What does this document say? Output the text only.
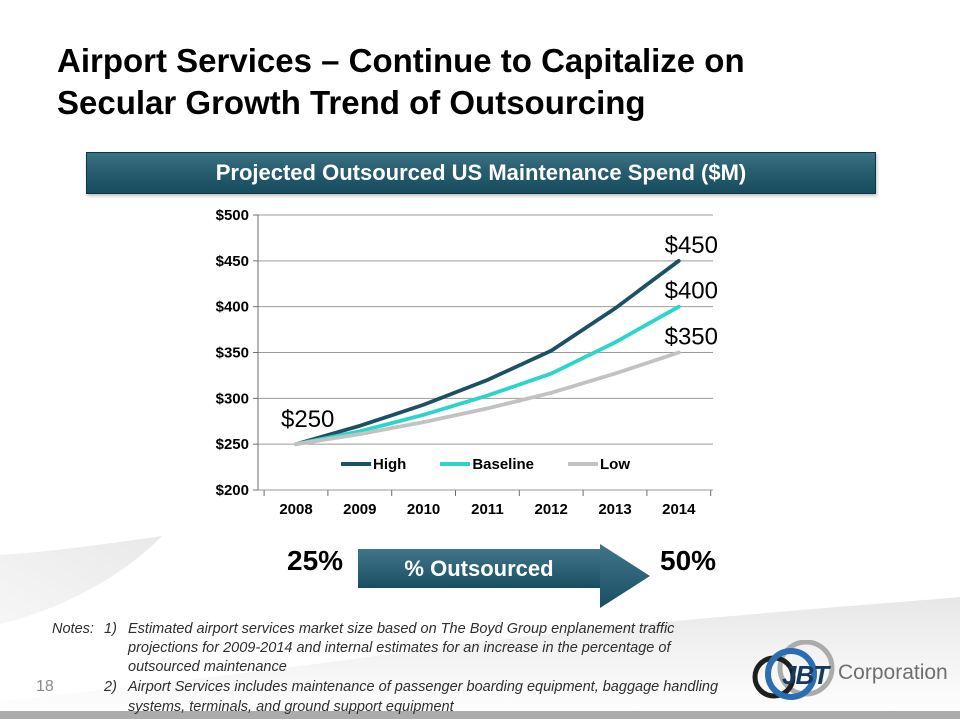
Airport Services – Continue to Capitalize on
Secular Growth Trend of Outsourcing
Projected Outsourced US Maintenance Spend ($M)
$500
$450
$400
$350
$300
$250
$200
2008 2009 2010 2011 2012 2013 2014
$250
$450
$400
$350
High	Baseline	Low
25%	% Outsourced	50%
Notes: 1) Estimated airport services market size based on The Boyd Group enplanement traffic projections for 2009-2014 and internal estimates for an increase in the percentage of outsourced maintenance
2) Airport Services includes maintenance of passenger boarding equipment, baggage handling systems, terminals, and ground support equipment
18	JBT Corporation
